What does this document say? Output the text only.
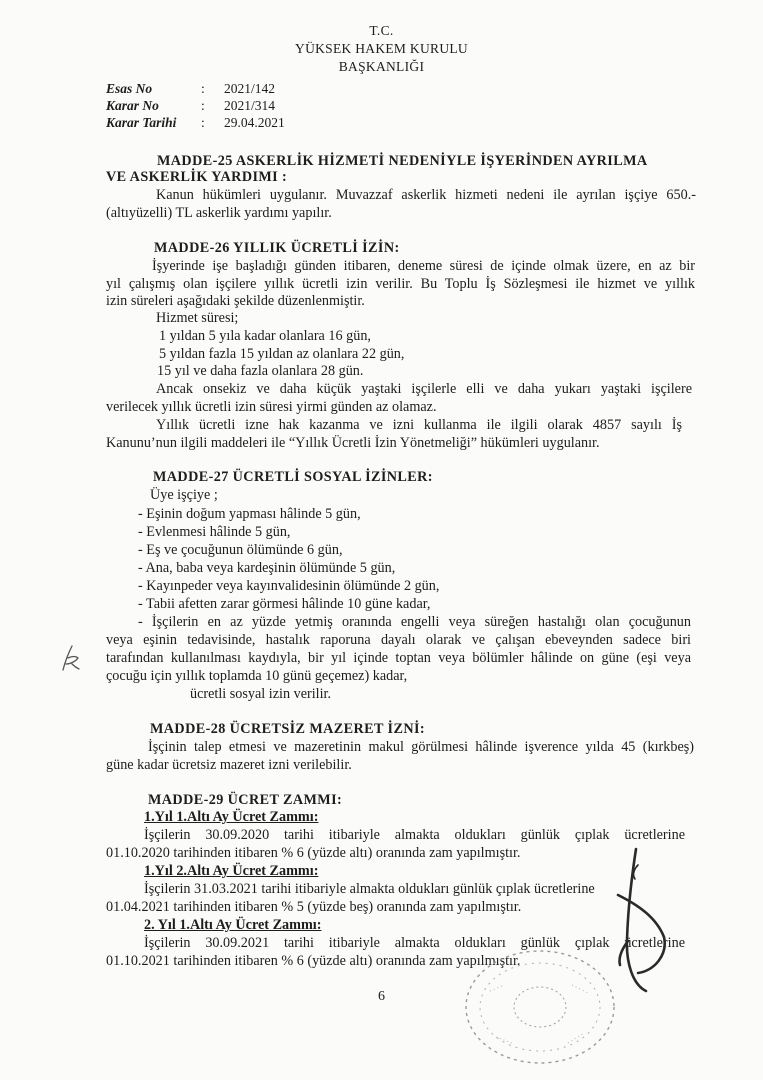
T.C.
YÜKSEK HAKEM KURULU
BAŞKANLIĞI
Esas No	: 2021/142
Karar No	: 2021/314
Karar Tarihi : 29.04.2021
MADDE-25 ASKERLİK HİZMETİ NEDENİYLE İŞYERİNDEN AYRILMA
VE ASKERLİK YARDIMI :
Kanun hükümleri uygulanır. Muvazzaf askerlik hizmeti nedeni ile ayrılan işçiye 650.-
(altıyüzelli) TL askerlik yardımı yapılır.
MADDE-26 YILLIK ÜCRETLİ İZİN:
İşyerinde işe başladığı günden itibaren, deneme süresi de içinde olmak üzere, en az bir
yıl çalışmış olan işçilere yıllık ücretli izin verilir. Bu Toplu İş Sözleşmesi ile hizmet ve yıllık
izin süreleri aşağıdaki şekilde düzenlenmiştir.
Hizmet süresi;
1 yıldan 5 yıla kadar olanlara 16 gün,
5 yıldan fazla 15 yıldan az olanlara 22 gün,
15 yıl ve daha fazla olanlara 28 gün.
Ancak onsekiz ve daha küçük yaştaki işçilerle elli ve daha yukarı yaştaki işçilere
verilecek yıllık ücretli izin süresi yirmi günden az olamaz.
Yıllık ücretli izne hak kazanma ve izni kullanma ile ilgili olarak 4857 sayılı İş
Kanunu’nun ilgili maddeleri ile “Yıllık Ücretli İzin Yönetmeliği” hükümleri uygulanır.
MADDE-27 ÜCRETLİ SOSYAL İZİNLER:
Üye işçiye ;
- Eşinin doğum yapması hâlinde 5 gün,
- Evlenmesi hâlinde 5 gün,
- Eş ve çocuğunun ölümünde 6 gün,
- Ana, baba veya kardeşinin ölümünde 5 gün,
- Kayınpeder veya kayınvalidesinin ölümünde 2 gün,
- Tabii afetten zarar görmesi hâlinde 10 güne kadar,
- İşçilerin en az yüzde yetmiş oranında engelli veya süreğen hastalığı olan çocuğunun
veya eşinin tedavisinde, hastalık raporuna dayalı olarak ve çalışan ebeveynden sadece biri
tarafından kullanılması kaydıyla, bir yıl içinde toptan veya bölümler hâlinde on güne (eşi veya
çocuğu için yıllık toplamda 10 günü geçemez) kadar,
ücretli sosyal izin verilir.
MADDE-28 ÜCRETSİZ MAZERET İZNİ:
İşçinin talep etmesi ve mazeretinin makul görülmesi hâlinde işverence yılda 45 (kırkbeş)
güne kadar ücretsiz mazeret izni verilebilir.
MADDE-29 ÜCRET ZAMMI:
1.Yıl 1.Altı Ay Ücret Zammı:
İşçilerin 30.09.2020 tarihi itibariyle almakta oldukları günlük çıplak ücretlerine
01.10.2020 tarihinden itibaren % 6 (yüzde altı) oranında zam yapılmıştır.
1.Yıl 2.Altı Ay Ücret Zammı:
İşçilerin 31.03.2021 tarihi itibariyle almakta oldukları günlük çıplak ücretlerine
01.04.2021 tarihinden itibaren % 5 (yüzde beş) oranında zam yapılmıştır.
2. Yıl 1.Altı Ay Ücret Zammı:
İşçilerin 30.09.2021 tarihi itibariyle almakta oldukları günlük çıplak ücretlerine
01.10.2021 tarihinden itibaren % 6 (yüzde altı) oranında zam yapılmıştır.
6
